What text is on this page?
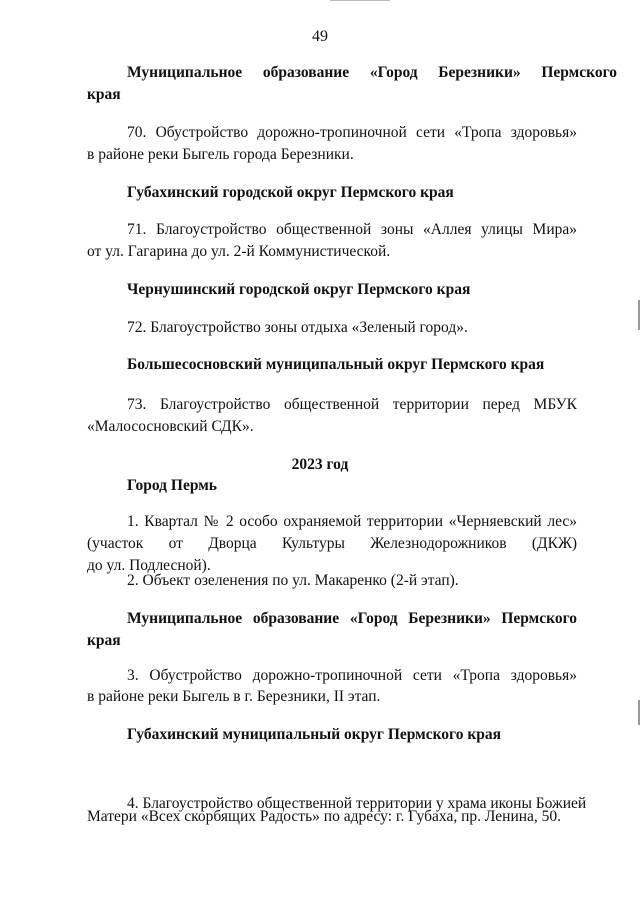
49
Муниципальное образование «Город Березники» Пермского
края
70. Обустройство дорожно-тропиночной сети «Тропа здоровья»
в районе реки Быгель города Березники.
Губахинский городской округ Пермского края
71. Благоустройство общественной зоны «Аллея улицы Мира»
от ул. Гагарина до ул. 2-й Коммунистической.
Чернушинский городской округ Пермского края
72. Благоустройство зоны отдыха «Зеленый город».
Большесосновский муниципальный округ Пермского края
73. Благоустройство общественной территории перед МБУК
«Малососновский СДК».
2023 год
Город Пермь
1. Квартал № 2 особо охраняемой территории «Черняевский лес»
(участок от Дворца Культуры Железнодорожников (ДКЖ)
до ул. Подлесной).
2. Объект озеленения по ул. Макаренко (2-й этап).
Муниципальное образование «Город Березники» Пермского
края
3. Обустройство дорожно-тропиночной сети «Тропа здоровья»
в районе реки Быгель в г. Березники, II этап.
Губахинский муниципальный округ Пермского края
4. Благоустройство общественной территории у храма иконы Божией
Матери «Всех скорбящих Радость» по адресу: г. Губаха, пр. Ленина, 50.
